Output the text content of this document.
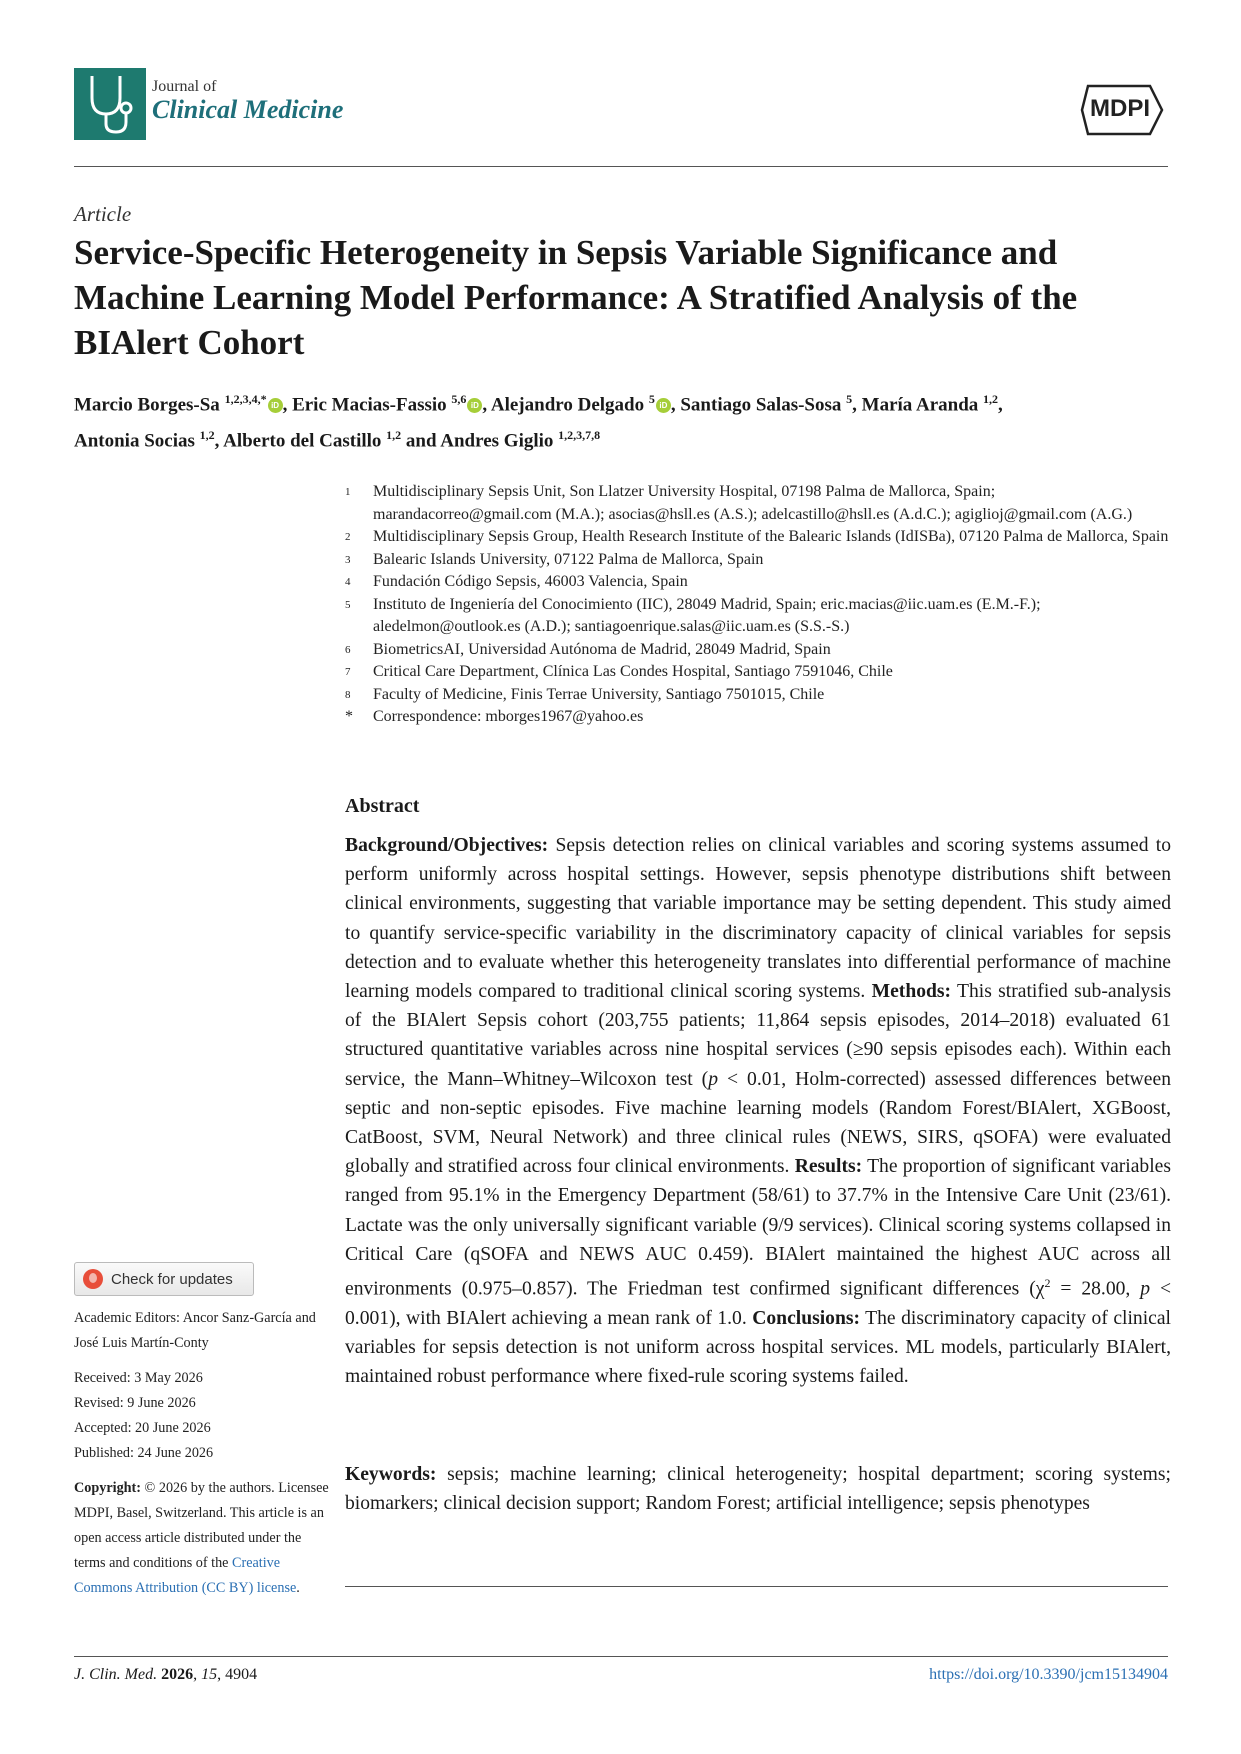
Journal of
Clinical Medicine	MDPI
Article
Service-Specific Heterogeneity in Sepsis Variable Significance and Machine Learning Model Performance: A Stratified Analysis of the BIAlert Cohort
Marcio Borges-Sa $^{1,2,3,4,*}$ iD , Eric Macias-Fassio $^{5,6}$ iD , Alejandro Delgado $^5$ iD , Santiago Salas-Sosa $^5$, María Aranda $^{1,2}$,
Antonia Socias $^{1,2}$, Alberto del Castillo $^{1,2}$ and Andres Giglio $^{1,2,3,7,8}$
1	Multidisciplinary Sepsis Unit, Son Llatzer University Hospital, 07198 Palma de Mallorca, Spain; marandacorreo@gmail.com (M.A.); asocias@hsll.es (A.S.); adelcastillo@hsll.es (A.d.C.); agiglioj@gmail.com (A.G.)
2	Multidisciplinary Sepsis Group, Health Research Institute of the Balearic Islands (IdISBa), 07120 Palma de Mallorca, Spain
3	Balearic Islands University, 07122 Palma de Mallorca, Spain
4	Fundación Código Sepsis, 46003 Valencia, Spain
5	Instituto de Ingeniería del Conocimiento (IIC), 28049 Madrid, Spain; eric.macias@iic.uam.es (E.M.-F.); aledelmon@outlook.es (A.D.); santiagoenrique.salas@iic.uam.es (S.S.-S.)
6	BiometricsAI, Universidad Autónoma de Madrid, 28049 Madrid, Spain
7	Critical Care Department, Clínica Las Condes Hospital, Santiago 7591046, Chile
8	Faculty of Medicine, Finis Terrae University, Santiago 7501015, Chile
*	Correspondence: mborges1967@yahoo.es
Abstract

Background/Objectives: Sepsis detection relies on clinical variables and scoring systems assumed to perform uniformly across hospital settings. However, sepsis phenotype distributions shift between clinical environments, suggesting that variable importance may be setting dependent. This study aimed to quantify service-specific variability in the discriminatory capacity of clinical variables for sepsis detection and to evaluate whether this heterogeneity translates into differential performance of machine learning models compared to traditional clinical scoring systems. Methods: This stratified sub-analysis of the BIAlert Sepsis cohort (203,755 patients; 11,864 sepsis episodes, 2014–2018) evaluated 61 structured quantitative variables across nine hospital services (≥90 sepsis episodes each). Within each service, the Mann–Whitney–Wilcoxon test (p < 0.01, Holm-corrected) assessed differences between septic and non-septic episodes. Five machine learning models (Random Forest/BIAlert, XGBoost, CatBoost, SVM, Neural Network) and three clinical rules (NEWS, SIRS, qSOFA) were evaluated globally and stratified across four clinical environments. Results: The proportion of significant variables ranged from 95.1% in the Emergency Department (58/61) to 37.7% in the Intensive Care Unit (23/61). Lactate was the only universally significant variable (9/9 services). Clinical scoring systems collapsed in Critical Care (qSOFA and NEWS AUC 0.459). BIAlert maintained the highest AUC across all environments (0.975–0.857). The Friedman test confirmed significant differences ($\chi^2 = 28.00$, p < 0.001), with BIAlert achieving a mean rank of 1.0. Conclusions: The discriminatory capacity of clinical variables for sepsis detection is not uniform across hospital services. ML models, particularly BIAlert, maintained robust performance where fixed-rule scoring systems failed.

Keywords: sepsis; machine learning; clinical heterogeneity; hospital department; scoring systems; biomarkers; clinical decision support; Random Forest; artificial intelligence; sepsis phenotypes

Check for updates
Academic Editors: Ancor Sanz-García and José Luis Martín-Conty
Received: 3 May 2026
Revised: 9 June 2026
Accepted: 20 June 2026
Published: 24 June 2026
Copyright: © 2026 by the authors. Licensee MDPI, Basel, Switzerland. This article is an open access article distributed under the terms and conditions of the Creative Commons Attribution (CC BY) license.
J. Clin. Med. 2026, 15, 4904	https://doi.org/10.3390/jcm15134904
